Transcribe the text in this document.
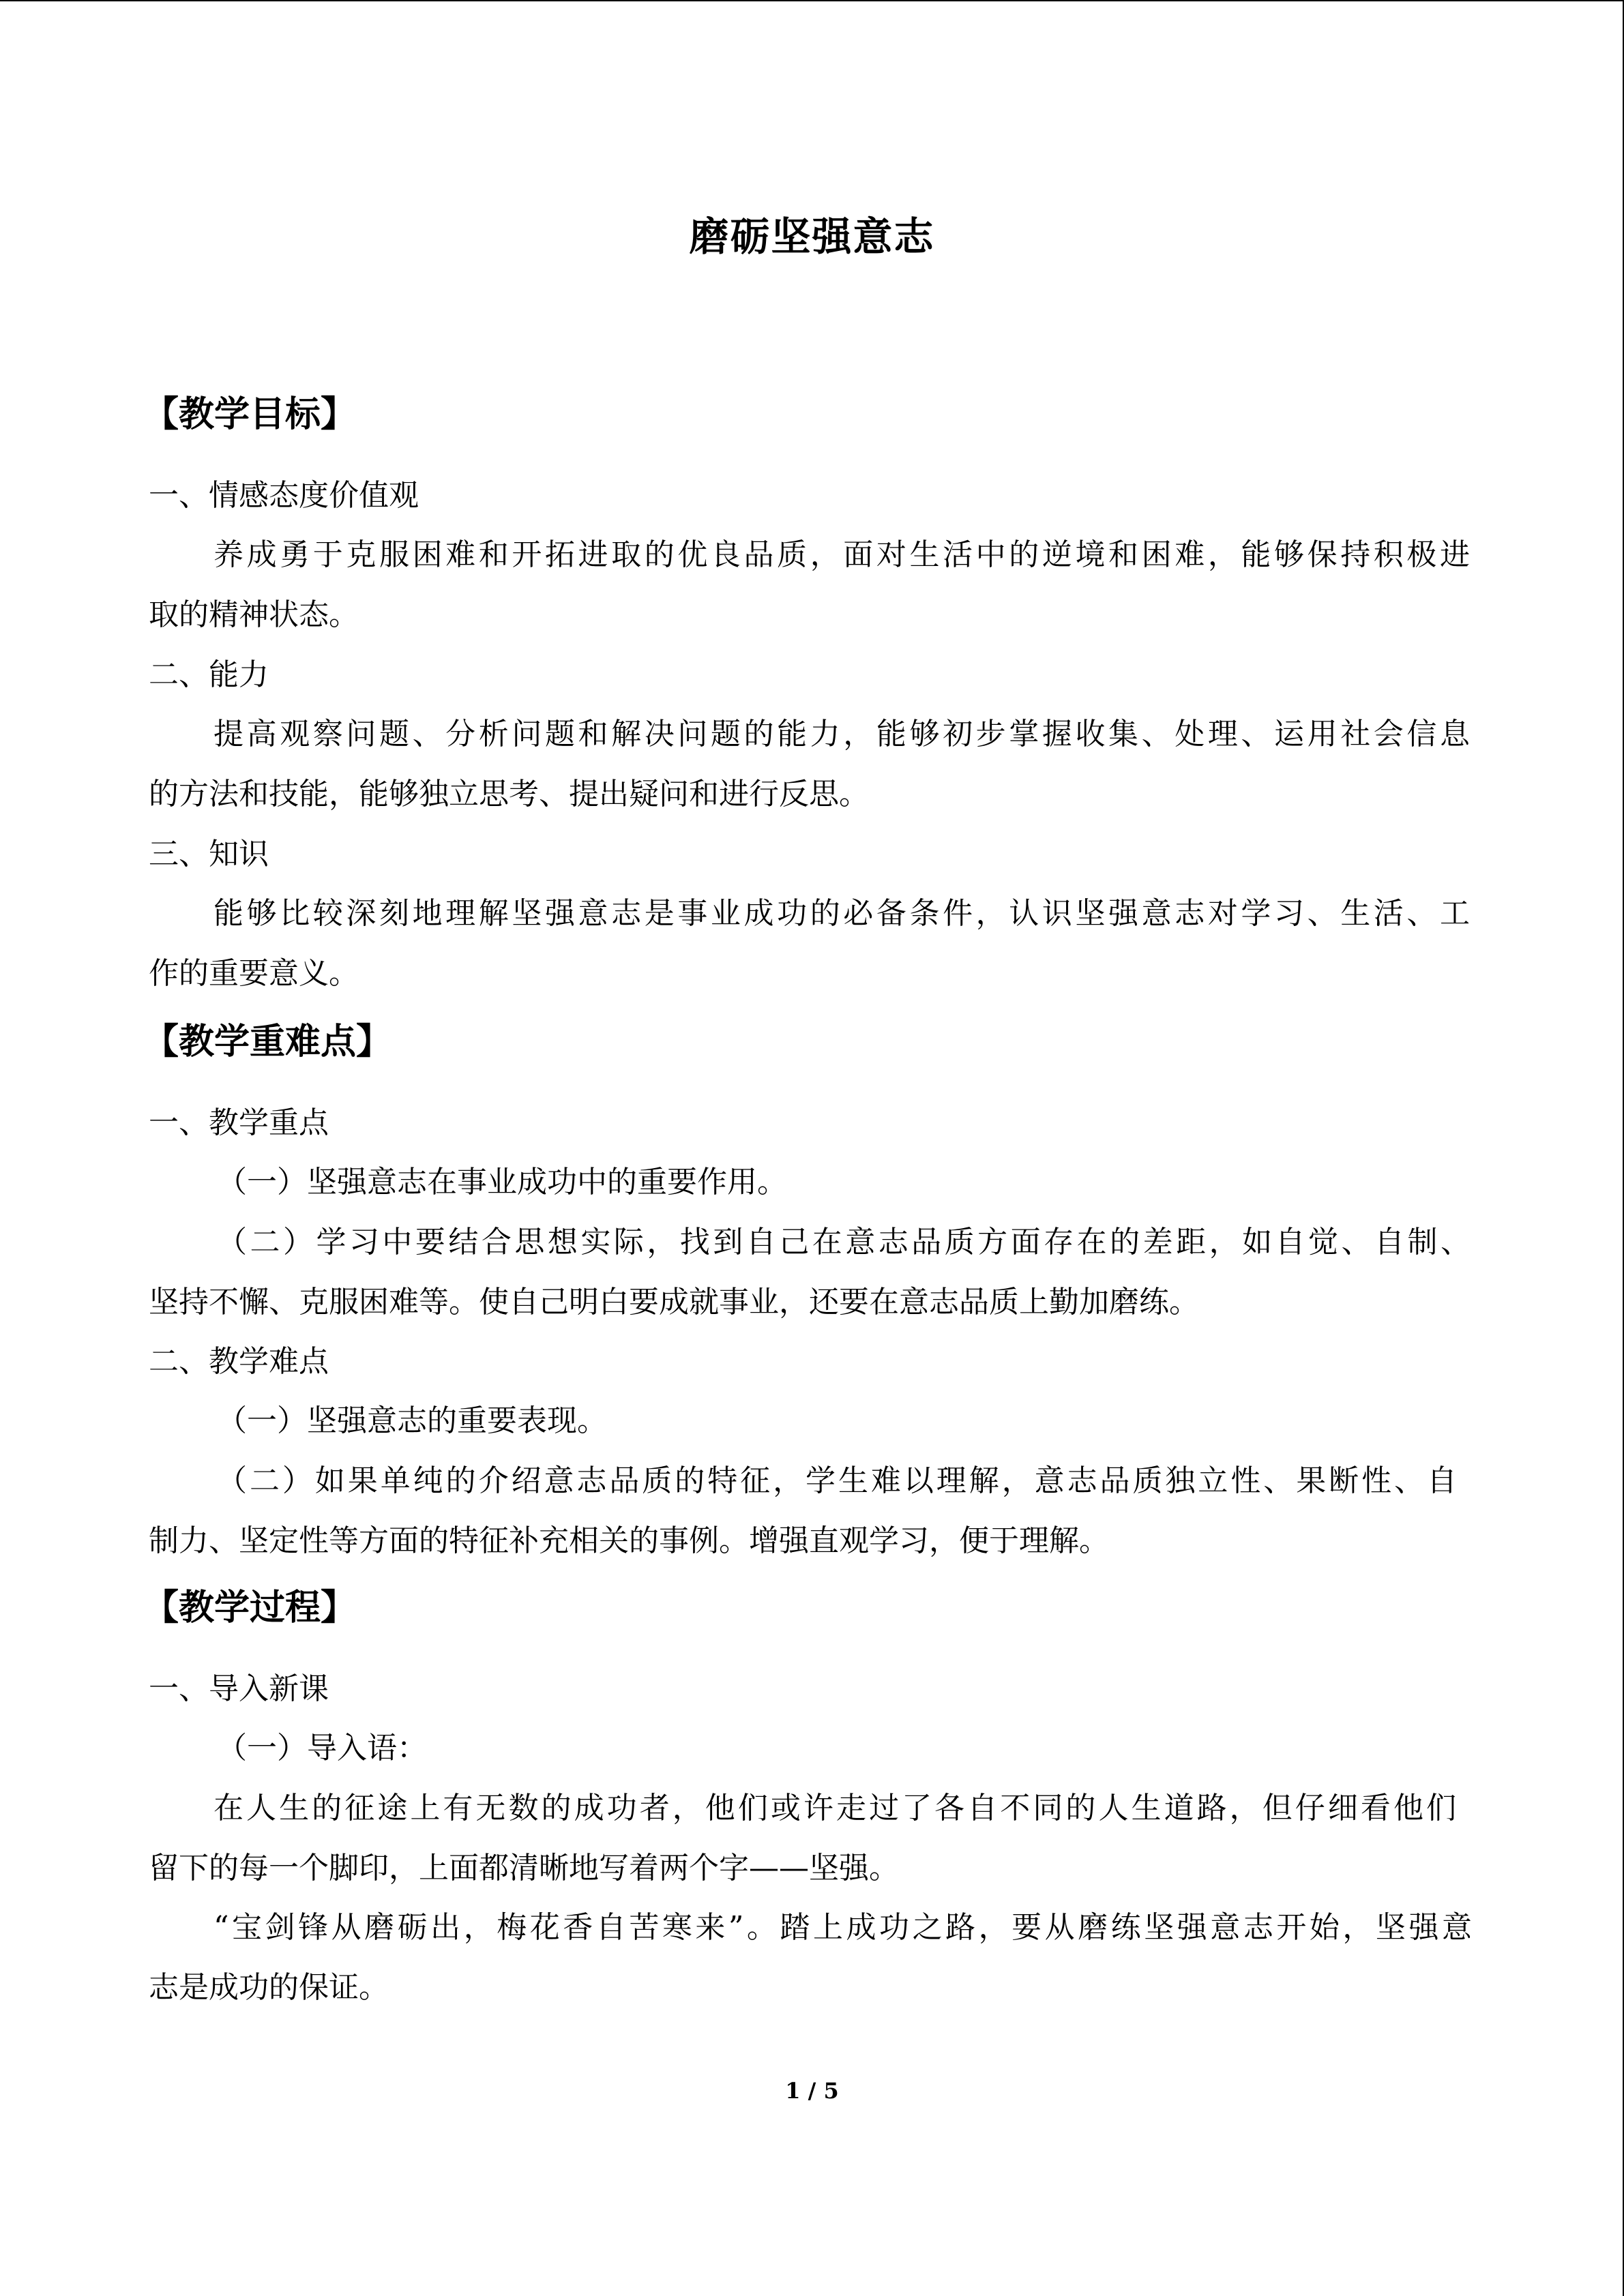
磨砺坚强意志
【教学目标】
一、情感态度价值观
养成勇于克服困难和开拓进取的优良品质，面对生活中的逆境和困难，能够保持积极进
取的精神状态。
二、能力
提高观察问题、分析问题和解决问题的能力，能够初步掌握收集、处理、运用社会信息
的方法和技能，能够独立思考、提出疑问和进行反思。
三、知识
能够比较深刻地理解坚强意志是事业成功的必备条件，认识坚强意志对学习、生活、工
作的重要意义。
【教学重难点】
一、教学重点
（一）坚强意志在事业成功中的重要作用。
（二）学习中要结合思想实际，找到自己在意志品质方面存在的差距，如自觉、自制、
坚持不懈、克服困难等。使自己明白要成就事业，还要在意志品质上勤加磨练。
二、教学难点
（一）坚强意志的重要表现。
（二）如果单纯的介绍意志品质的特征，学生难以理解，意志品质独立性、果断性、自
制力、坚定性等方面的特征补充相关的事例。增强直观学习，便于理解。
【教学过程】
一、导入新课
（一）导入语：
在人生的征途上有无数的成功者，他们或许走过了各自不同的人生道路，但仔细看他们
留下的每一个脚印，上面都清晰地写着两个字——坚强。
“宝剑锋从磨砺出，梅花香自苦寒来”。踏上成功之路，要从磨练坚强意志开始，坚强意
志是成功的保证。
1 / 5
